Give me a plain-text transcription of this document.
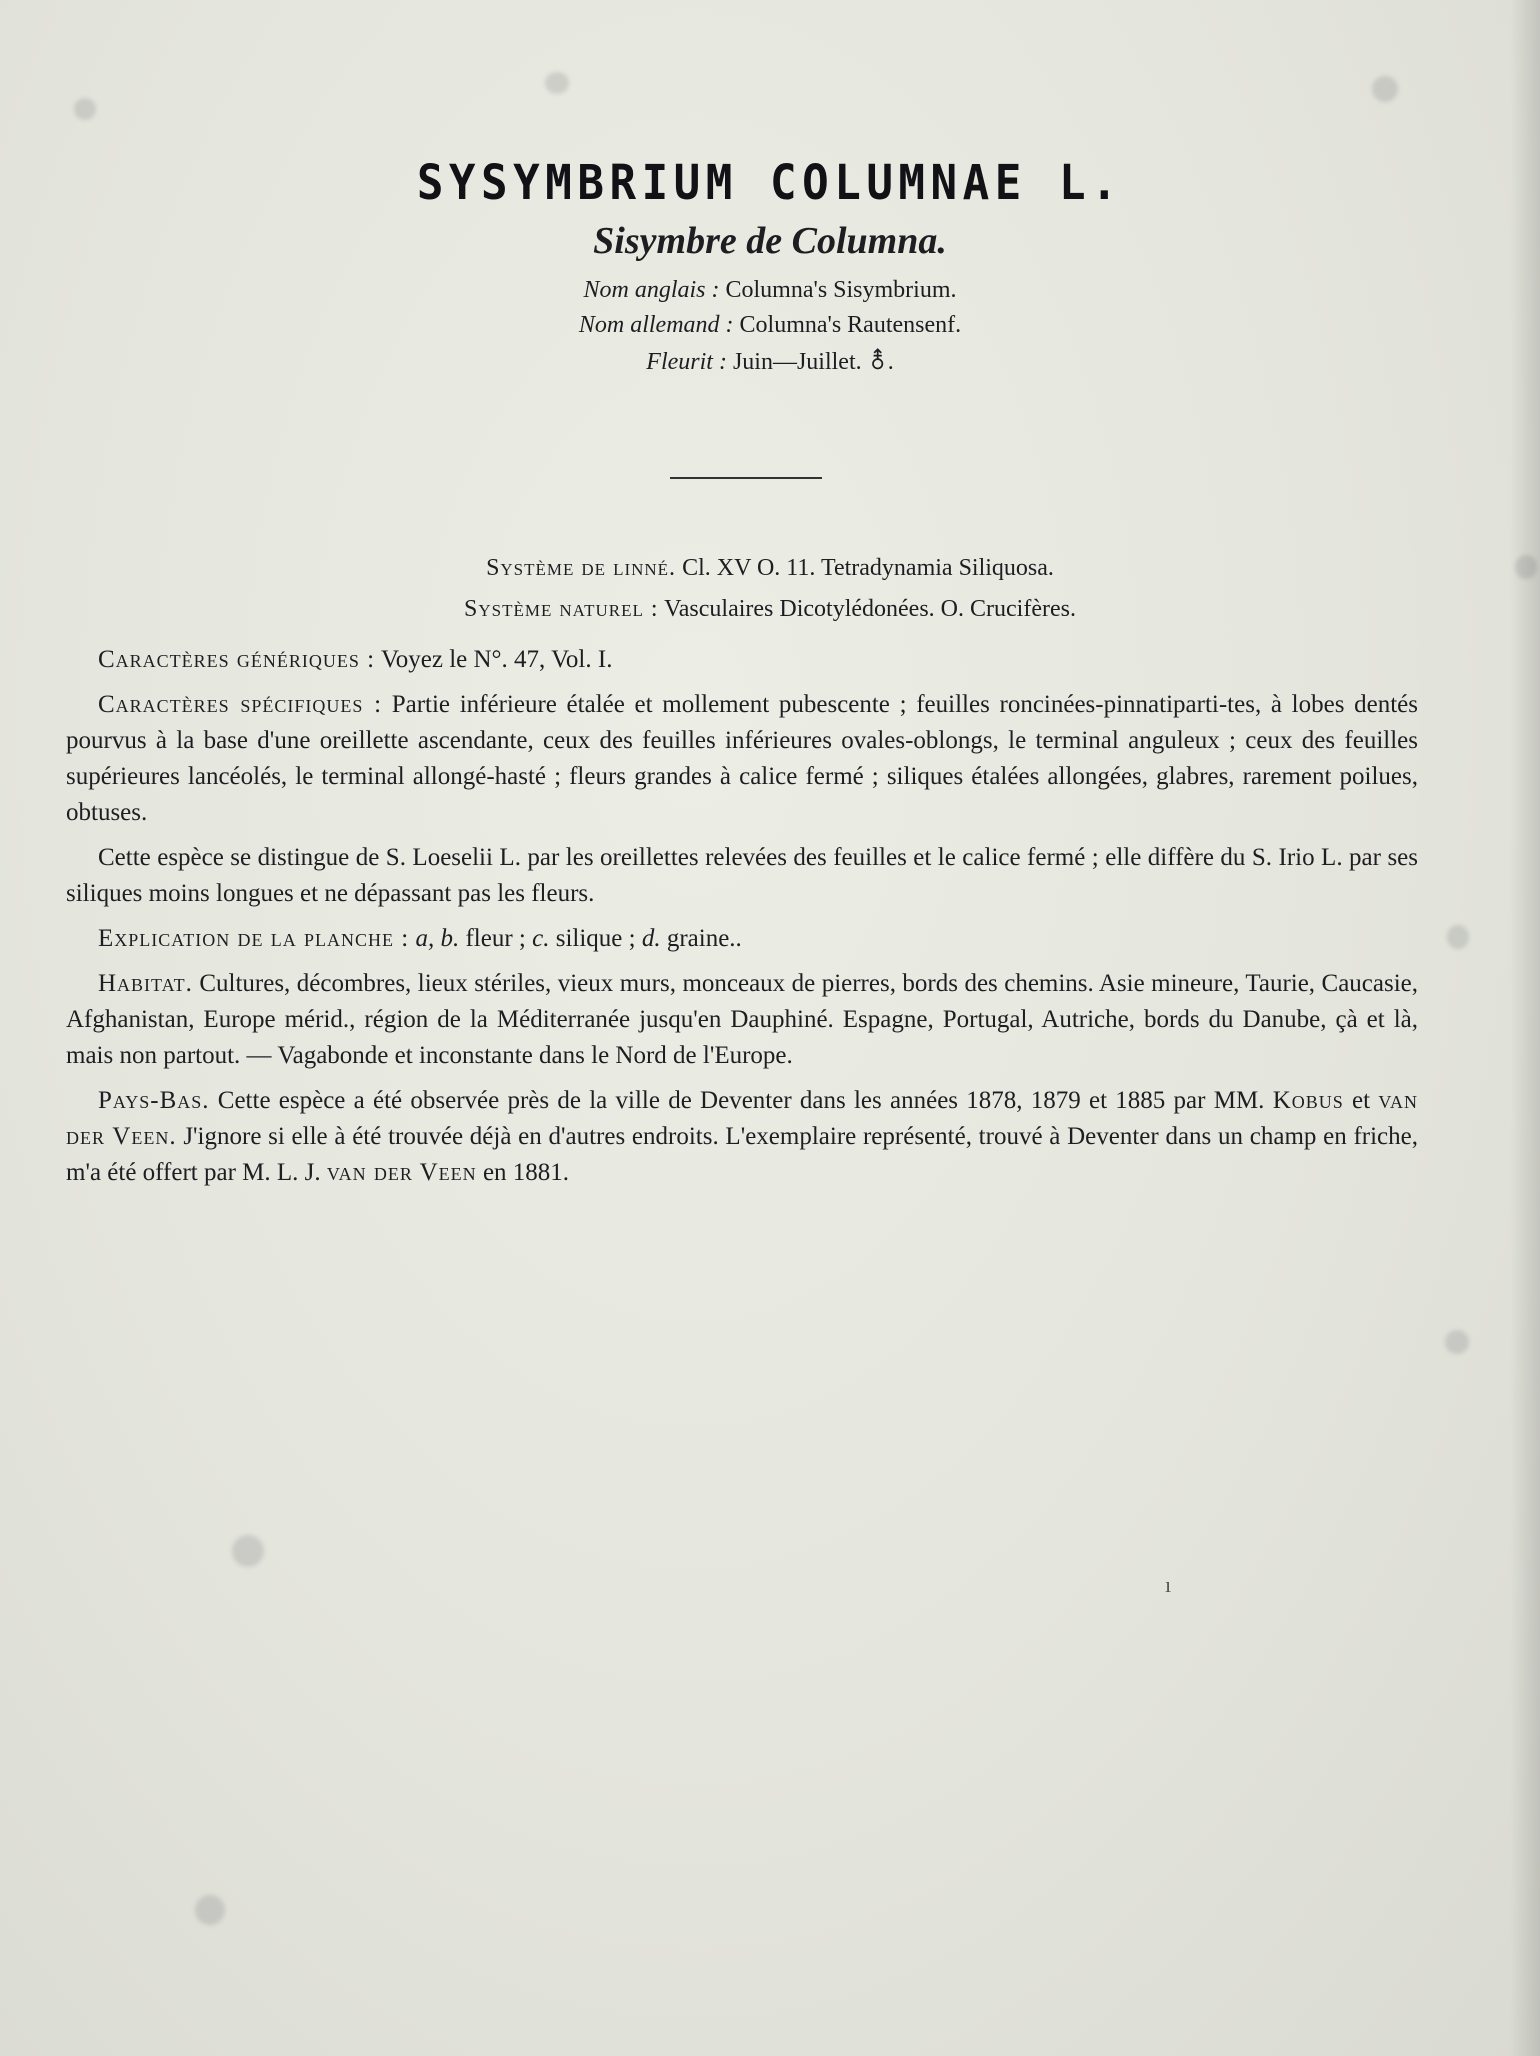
SYSYMBRIUM COLUMNAE L.
Sisymbre de Columna.
Nom anglais : Columna's Sisymbrium.
Nom allemand : Columna's Rautensenf.
Fleurit : Juin—Juillet. ⚨.

Système de linné. Cl. XV O. 11. Tetradynamia Siliquosa.

Système naturel : Vasculaires Dicotylédonées. O. Crucifères.

Caractères génériques : Voyez le N°. 47, Vol. I.

Caractères spécifiques : Partie inférieure étalée et mollement pubescente ; feuilles roncinées-pinnatiparti-tes, à lobes dentés pourvus à la base d'une oreillette ascendante, ceux des feuilles inférieures ovales-oblongs, le terminal anguleux ; ceux des feuilles supérieures lancéolés, le terminal allongé-hasté ; fleurs grandes à calice fermé ; siliques étalées allongées, glabres, rarement poilues, obtuses.

Cette espèce se distingue de S. Loeselii L. par les oreillettes relevées des feuilles et le calice fermé ; elle diffère du S. Irio L. par ses siliques moins longues et ne dépassant pas les fleurs.

Explication de la planche : a, b. fleur ; c. silique ; d. graine..

Habitat. Cultures, décombres, lieux stériles, vieux murs, monceaux de pierres, bords des chemins. Asie mineure, Taurie, Caucasie, Afghanistan, Europe mérid., région de la Méditerranée jusqu'en Dauphiné. Espagne, Portugal, Autriche, bords du Danube, çà et là, mais non partout. — Vagabonde et inconstante dans le Nord de l'Europe.

Pays-Bas. Cette espèce a été observée près de la ville de Deventer dans les années 1878, 1879 et 1885 par MM. Kobus et van der Veen. J'ignore si elle à été trouvée déjà en d'autres endroits. L'exemplaire représenté, trouvé à Deventer dans un champ en friche, m'a été offert par M. L. J. van der Veen en 1881.

ı
